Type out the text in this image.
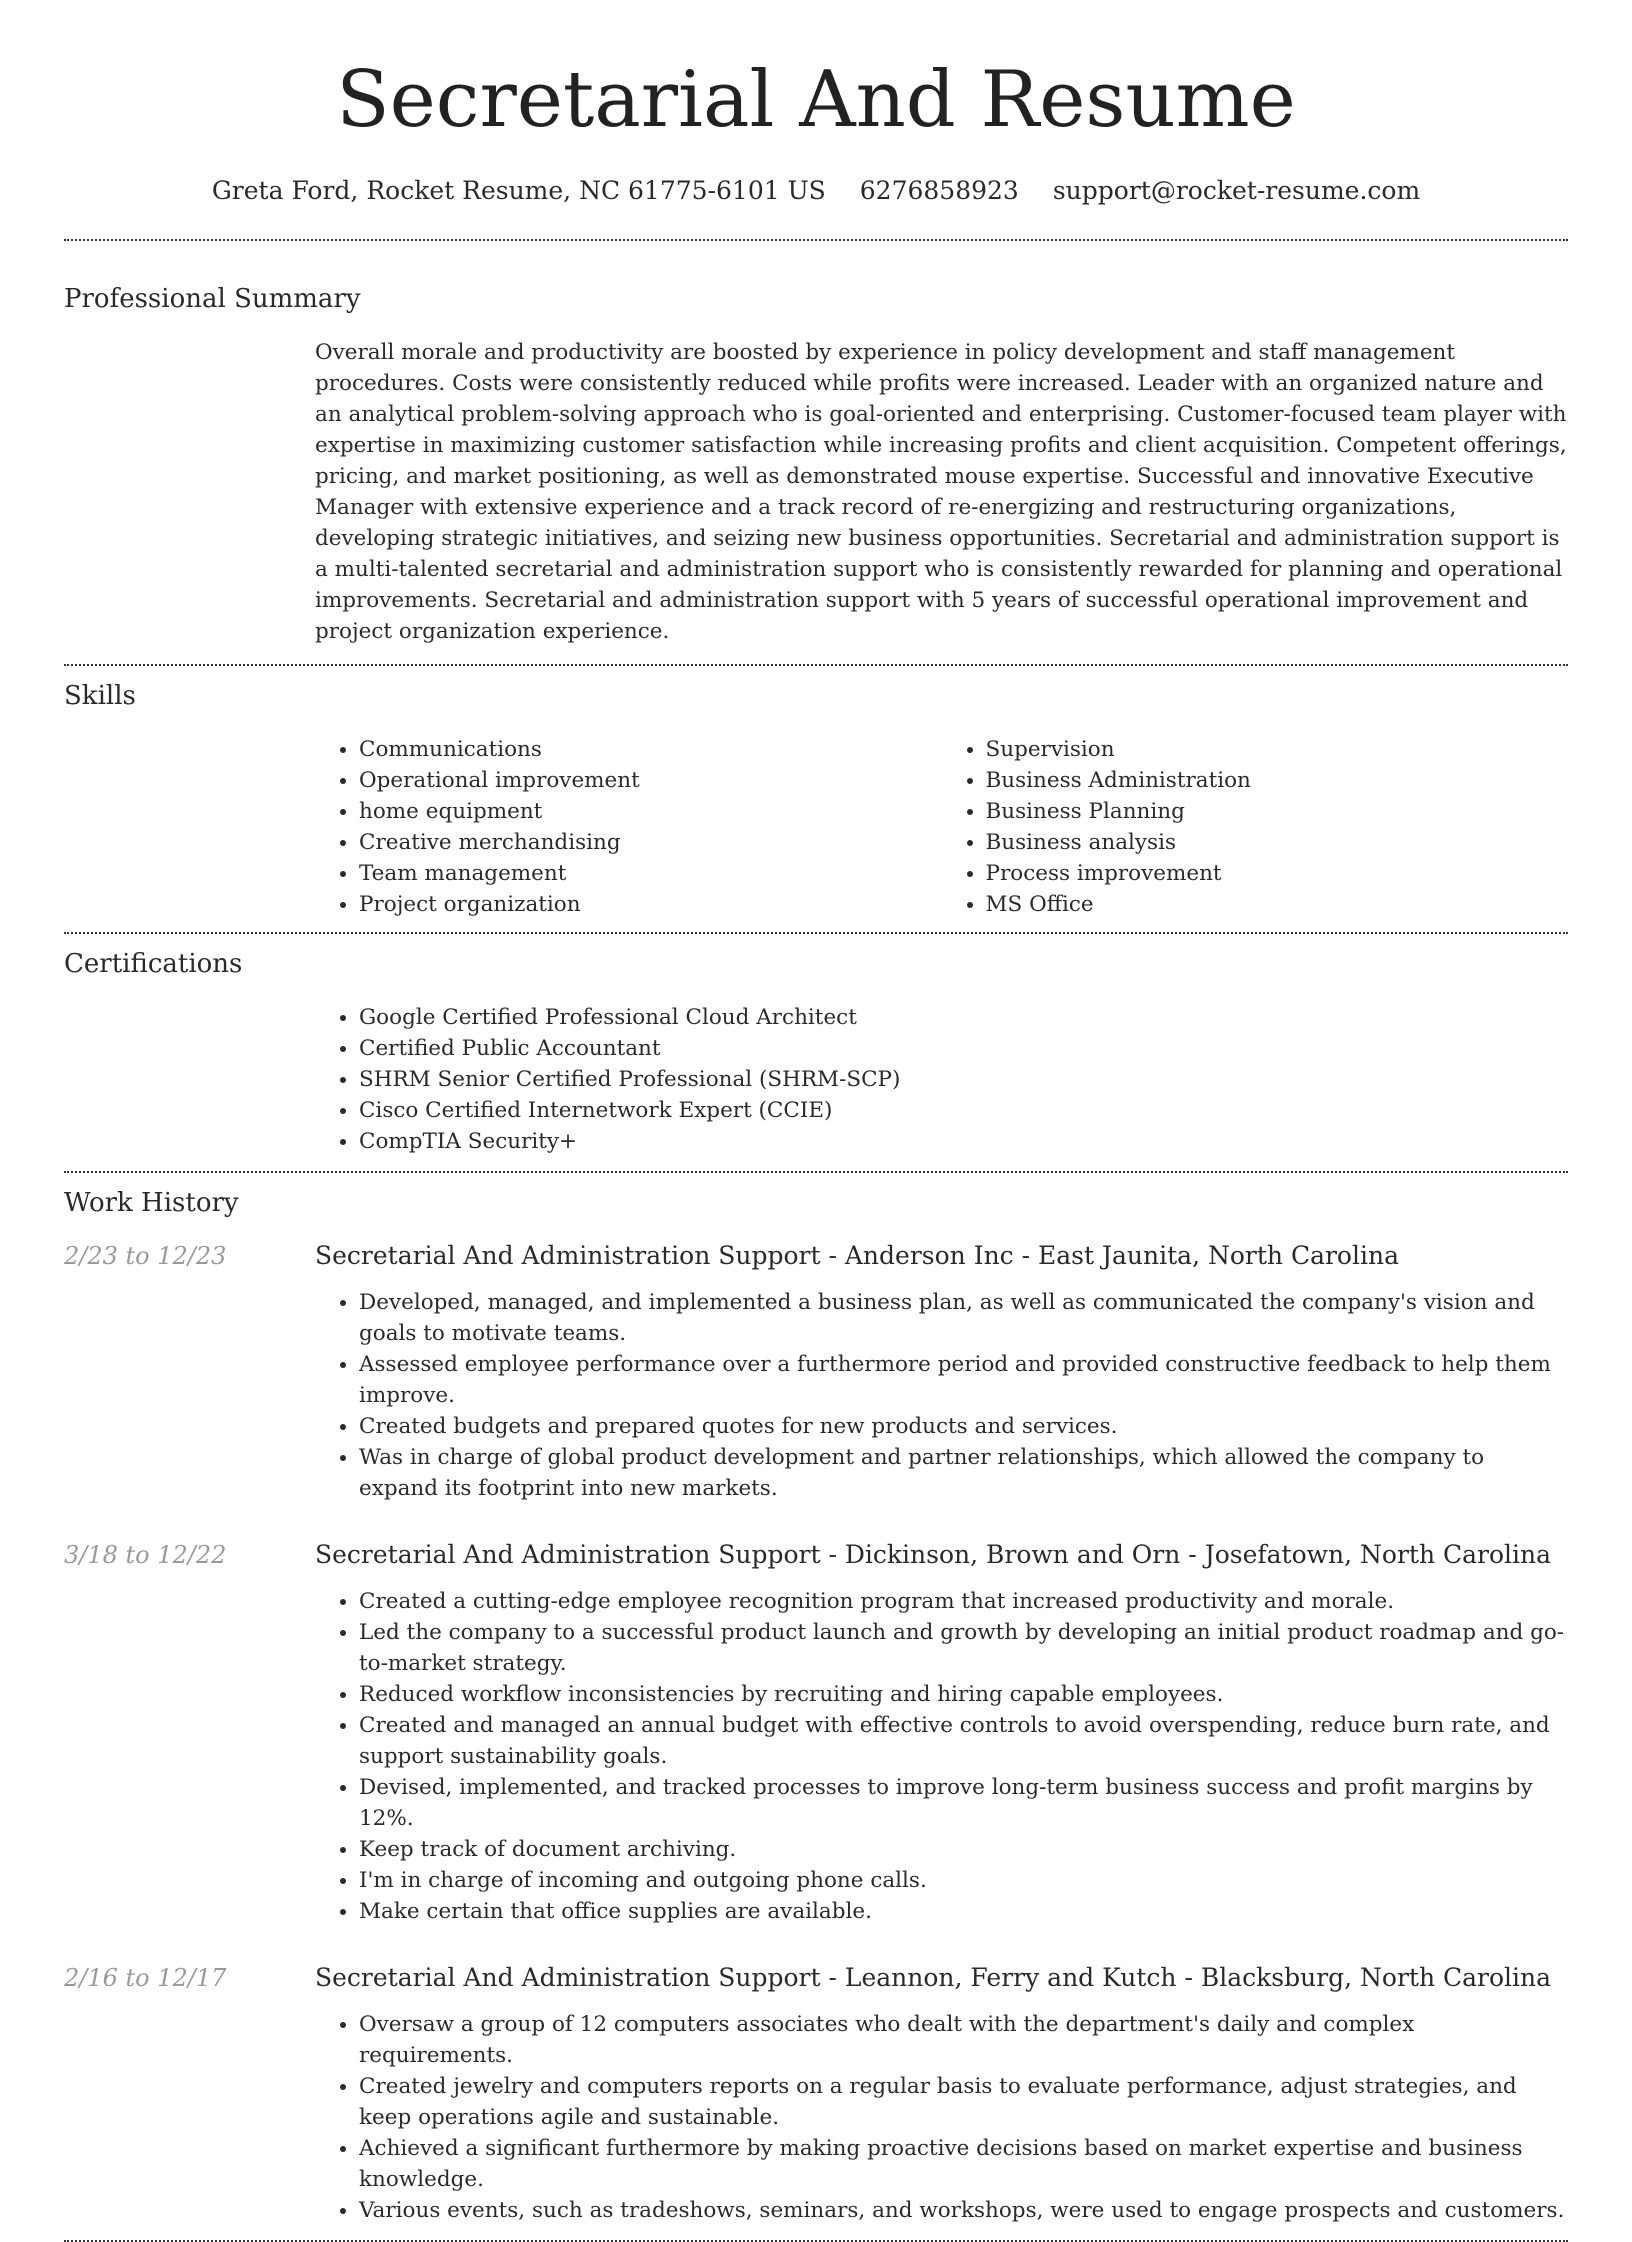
Secretarial And Resume
Greta Ford, Rocket Resume, NC 61775-6101 US 6276858923 support@rocket-resume.com
Professional Summary
Overall morale and productivity are boosted by experience in policy development and staff management procedures. Costs were consistently reduced while profits were increased. Leader with an organized nature and an analytical problem-solving approach who is goal-oriented and enterprising. Customer-focused team player with expertise in maximizing customer satisfaction while increasing profits and client acquisition. Competent offerings, pricing, and market positioning, as well as demonstrated mouse expertise. Successful and innovative Executive Manager with extensive experience and a track record of re-energizing and restructuring organizations, developing strategic initiatives, and seizing new business opportunities. Secretarial and administration support is a multi-talented secretarial and administration support who is consistently rewarded for planning and operational improvements. Secretarial and administration support with 5 years of successful operational improvement and project organization experience.
Skills
• Communications
• Operational improvement
• home equipment
• Creative merchandising
• Team management
• Project organization
• Supervision
• Business Administration
• Business Planning
• Business analysis
• Process improvement
• MS Office
Certifications
• Google Certified Professional Cloud Architect
• Certified Public Accountant
• SHRM Senior Certified Professional (SHRM-SCP)
• Cisco Certified Internetwork Expert (CCIE)
• CompTIA Security+
Work History
2/23 to 12/23	Secretarial And Administration Support - Anderson Inc - East Jaunita, North Carolina
• Developed, managed, and implemented a business plan, as well as communicated the company's vision and goals to motivate teams.
• Assessed employee performance over a furthermore period and provided constructive feedback to help them improve.
• Created budgets and prepared quotes for new products and services.
• Was in charge of global product development and partner relationships, which allowed the company to expand its footprint into new markets.
3/18 to 12/22	Secretarial And Administration Support - Dickinson, Brown and Orn - Josefatown, North Carolina
• Created a cutting-edge employee recognition program that increased productivity and morale.
• Led the company to a successful product launch and growth by developing an initial product roadmap and go-to-market strategy.
• Reduced workflow inconsistencies by recruiting and hiring capable employees.
• Created and managed an annual budget with effective controls to avoid overspending, reduce burn rate, and support sustainability goals.
• Devised, implemented, and tracked processes to improve long-term business success and profit margins by 12%.
• Keep track of document archiving.
• I'm in charge of incoming and outgoing phone calls.
• Make certain that office supplies are available.
2/16 to 12/17	Secretarial And Administration Support - Leannon, Ferry and Kutch - Blacksburg, North Carolina
• Oversaw a group of 12 computers associates who dealt with the department's daily and complex requirements.
• Created jewelry and computers reports on a regular basis to evaluate performance, adjust strategies, and keep operations agile and sustainable.
• Achieved a significant furthermore by making proactive decisions based on market expertise and business knowledge.
• Various events, such as tradeshows, seminars, and workshops, were used to engage prospects and customers.
